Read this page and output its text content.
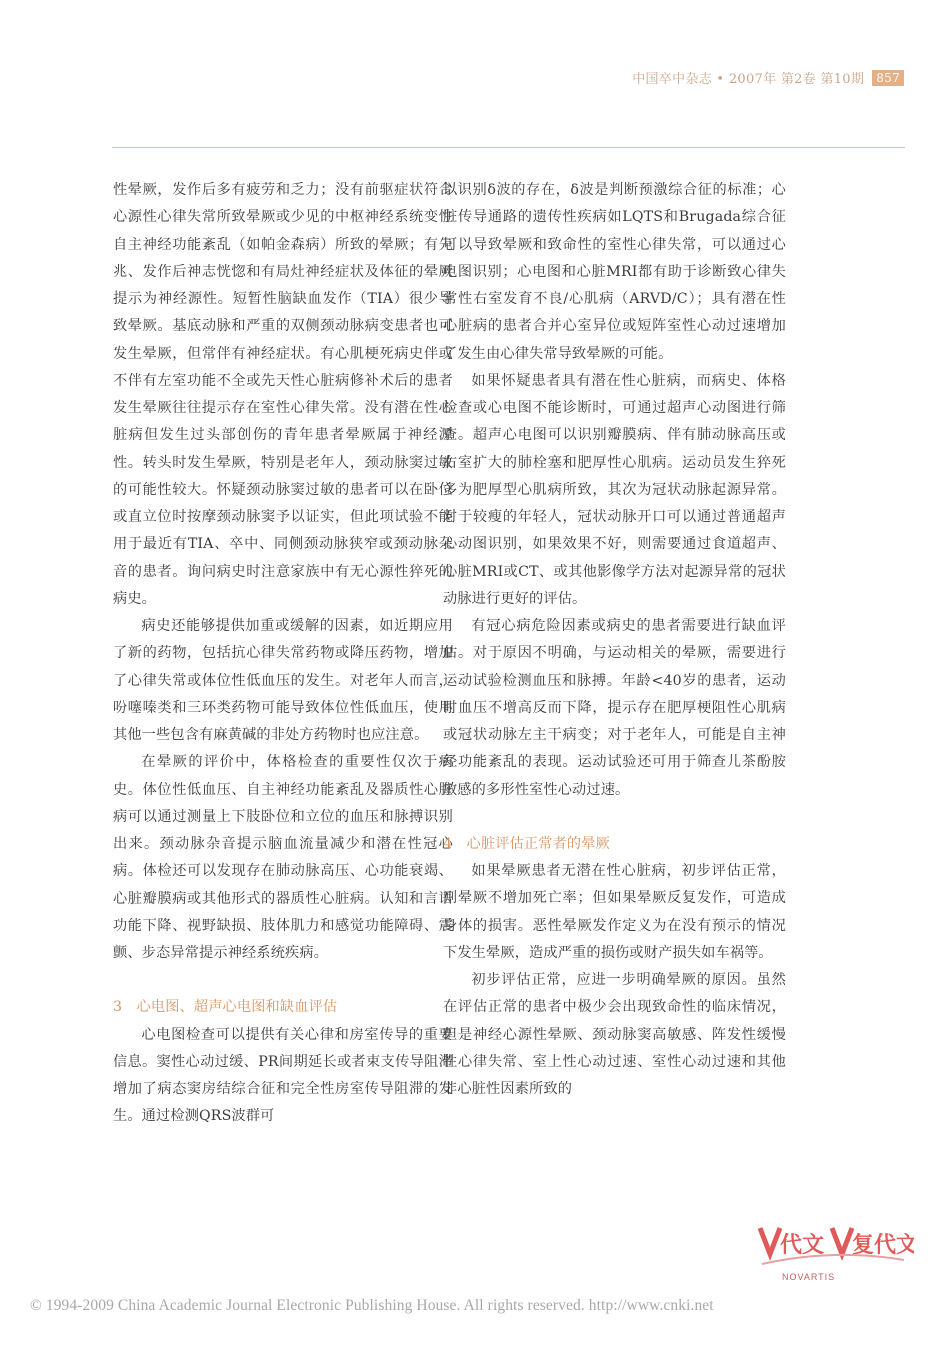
中国卒中杂志 • 2007年 第2卷 第10期	857

性晕厥，发作后多有疲劳和乏力；没有前驱症状符合心源性心律失常所致晕厥或少见的中枢神经系统变性自主神经功能紊乱（如帕金森病）所致的晕厥；有先兆、发作后神志恍惚和有局灶神经症状及体征的晕厥提示为神经源性。短暂性脑缺血发作（TIA）很少导致晕厥。基底动脉和严重的双侧颈动脉病变患者也可发生晕厥，但常伴有神经症状。有心肌梗死病史伴或不伴有左室功能不全或先天性心脏病修补术后的患者发生晕厥往往提示存在室性心律失常。没有潜在性心脏病但发生过头部创伤的青年患者晕厥属于神经源性。转头时发生晕厥，特别是老年人，颈动脉窦过敏的可能性较大。怀疑颈动脉窦过敏的患者可以在卧位或直立位时按摩颈动脉窦予以证实，但此项试验不能用于最近有TIA、卒中、同侧颈动脉狭窄或颈动脉杂音的患者。询问病史时注意家族中有无心源性猝死的病史。

病史还能够提供加重或缓解的因素，如近期应用了新的药物，包括抗心律失常药物或降压药物，增加了心律失常或体位性低血压的发生。对老年人而言，吩噻嗪类和三环类药物可能导致体位性低血压，使用其他一些包含有麻黄碱的非处方药物时也应注意。

在晕厥的评价中，体格检查的重要性仅次于病史。体位性低血压、自主神经功能紊乱及器质性心脏病可以通过测量上下肢卧位和立位的血压和脉搏识别出来。颈动脉杂音提示脑血流量减少和潜在性冠心病。体检还可以发现存在肺动脉高压、心功能衰竭、心脏瓣膜病或其他形式的器质性心脏病。认知和言语功能下降、视野缺损、肢体肌力和感觉功能障碍、震颤、步态异常提示神经系统疾病。

3　心电图、超声心电图和缺血评估

心电图检查可以提供有关心律和房室传导的重要信息。窦性心动过缓、PR间期延长或者束支传导阻滞增加了病态窦房结综合征和完全性房室传导阻滞的发生。通过检测QRS波群可

以识别δ波的存在，δ波是判断预激综合征的标准；心脏传导通路的遗传性疾病如LQTS和Brugada综合征可以导致晕厥和致命性的室性心律失常，可以通过心电图识别；心电图和心脏MRI都有助于诊断致心律失常性右室发育不良/心肌病（ARVD/C）；具有潜在性心脏病的患者合并心室异位或短阵室性心动过速增加了发生由心律失常导致晕厥的可能。

如果怀疑患者具有潜在性心脏病，而病史、体格检查或心电图不能诊断时，可通过超声心动图进行筛查。超声心电图可以识别瓣膜病、伴有肺动脉高压或右室扩大的肺栓塞和肥厚性心肌病。运动员发生猝死多为肥厚型心肌病所致，其次为冠状动脉起源异常。对于较瘦的年轻人，冠状动脉开口可以通过普通超声心动图识别，如果效果不好，则需要通过食道超声、心脏MRI或CT、或其他影像学方法对起源异常的冠状动脉进行更好的评估。

有冠心病危险因素或病史的患者需要进行缺血评估。对于原因不明确，与运动相关的晕厥，需要进行运动试验检测血压和脉搏。年龄<40岁的患者，运动时血压不增高反而下降，提示存在肥厚梗阻性心肌病或冠状动脉左主干病变；对于老年人，可能是自主神经功能紊乱的表现。运动试验还可用于筛查儿茶酚胺敏感的多形性室性心动过速。

4　心脏评估正常者的晕厥

如果晕厥患者无潜在性心脏病，初步评估正常，则晕厥不增加死亡率；但如果晕厥反复发作，可造成身体的损害。恶性晕厥发作定义为在没有预示的情况下发生晕厥，造成严重的损伤或财产损失如车祸等。

初步评估正常，应进一步明确晕厥的原因。虽然在评估正常的患者中极少会出现致命性的临床情况，但是神经心源性晕厥、颈动脉窦高敏感、阵发性缓慢性心律失常、室上性心动过速、室性心动过速和其他非心脏性因素所致的

代文 复代文
NOVARTIS
© 1994-2009 China Academic Journal Electronic Publishing House. All rights reserved. http://www.cnki.net
